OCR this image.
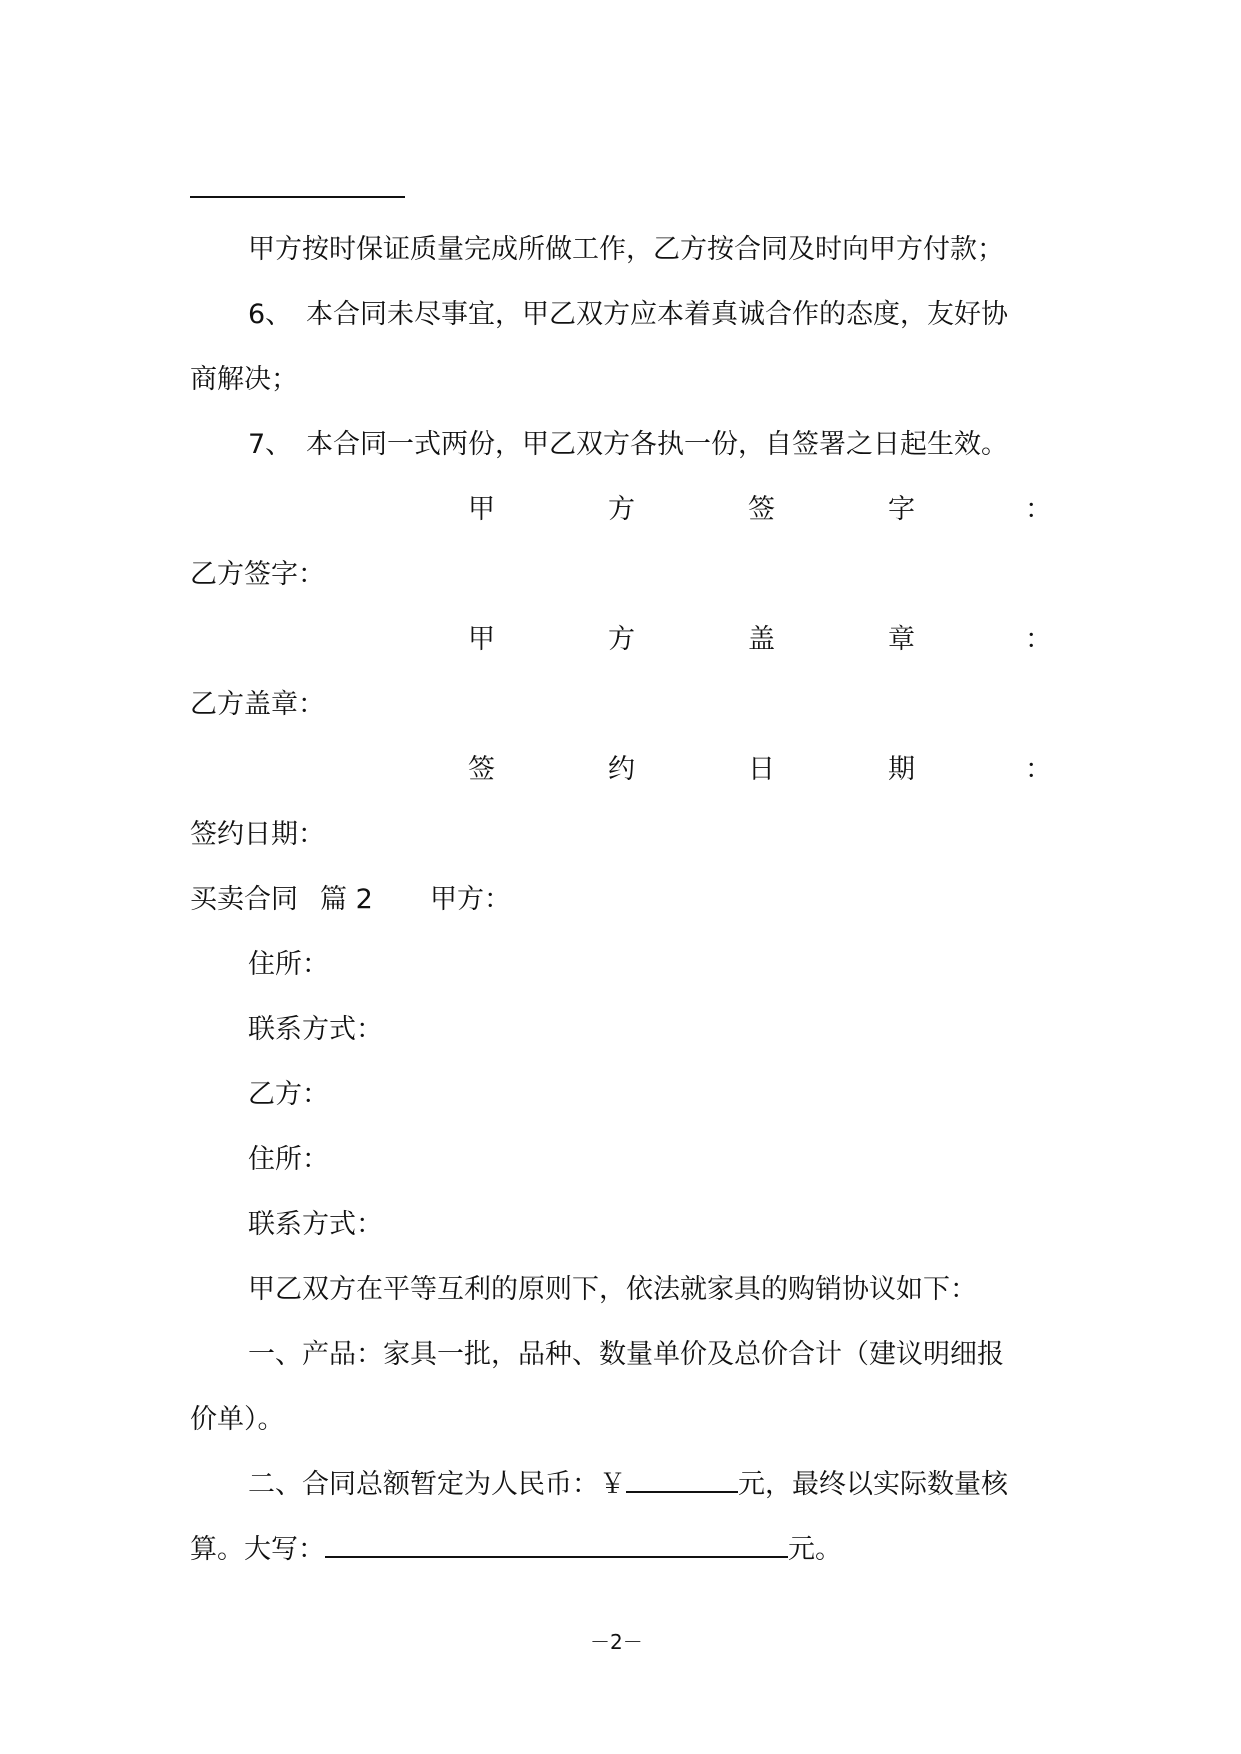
甲方按时保证质量完成所做工作，乙方按合同及时向甲方付款；
6、 本合同未尽事宜，甲乙双方应本着真诚合作的态度，友好协
商解决；
7、 本合同一式两份，甲乙双方各执一份，自签署之日起生效。
甲	方	签	字	：
乙方签字：
甲	方	盖	章	：
乙方盖章：
签	约	日	期	：
签约日期：
买卖合同 篇 2 甲方：
住所：
联系方式：
乙方：
住所：
联系方式：
甲乙双方在平等互利的原则下，依法就家具的购销协议如下：
一、产品：家具一批，品种、数量单价及总价合计（建议明细报
价单）。
二、合同总额暂定为人民币：￥	元，最终以实际数量核
算。大写：	元。
－2－
